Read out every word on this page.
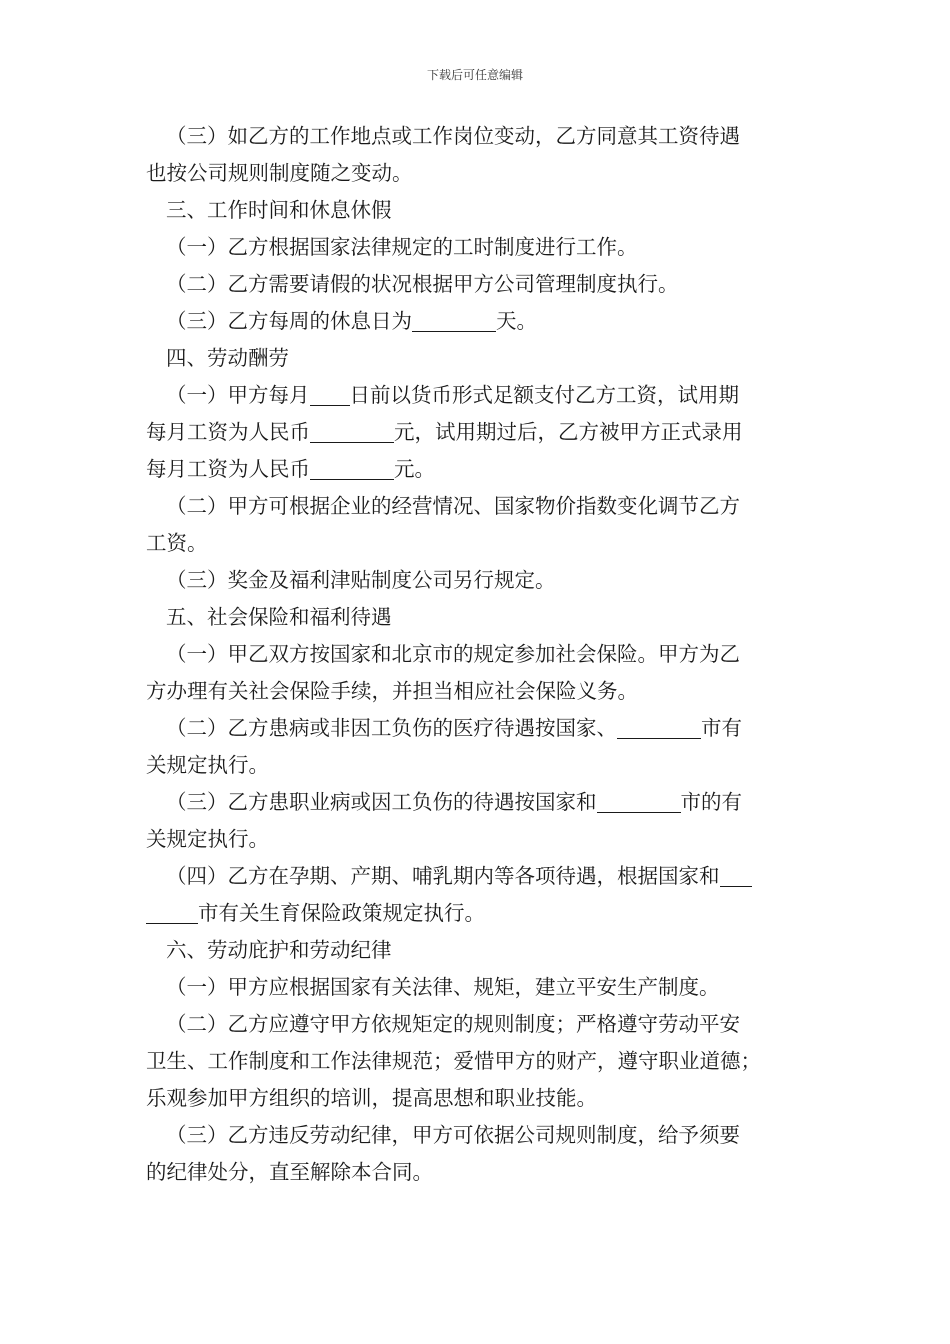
下载后可任意编辑
（三）如乙方的工作地点或工作岗位变动，乙方同意其工资待遇
也按公司规则制度随之变动。
三、工作时间和休息休假
（一）乙方根据国家法律规定的工时制度进行工作。
（二）乙方需要请假的状况根据甲方公司管理制度执行。
（三）乙方每周的休息日为	天。
四、劳动酬劳
（一）甲方每月 日前以货币形式足额支付乙方工资，试用期
每月工资为人民币	元，试用期过后，乙方被甲方正式录用
每月工资为人民币	元。
（二）甲方可根据企业的经营情况、国家物价指数变化调节乙方
工资。
（三）奖金及福利津贴制度公司另行规定。
五、社会保险和福利待遇
（一）甲乙双方按国家和北京市的规定参加社会保险。甲方为乙
方办理有关社会保险手续，并担当相应社会保险义务。
（二）乙方患病或非因工负伤的医疗待遇按国家、	市有
关规定执行。
（三）乙方患职业病或因工负伤的待遇按国家和	市的有
关规定执行。
（四）乙方在孕期、产期、哺乳期内等各项待遇，根据国家和
市有关生育保险政策规定执行。
六、劳动庇护和劳动纪律
（一）甲方应根据国家有关法律、规矩，建立平安生产制度。
（二）乙方应遵守甲方依规矩定的规则制度；严格遵守劳动平安
卫生、工作制度和工作法律规范；爱惜甲方的财产，遵守职业道德；
乐观参加甲方组织的培训，提高思想和职业技能。
（三）乙方违反劳动纪律，甲方可依据公司规则制度，给予须要
的纪律处分，直至解除本合同。
